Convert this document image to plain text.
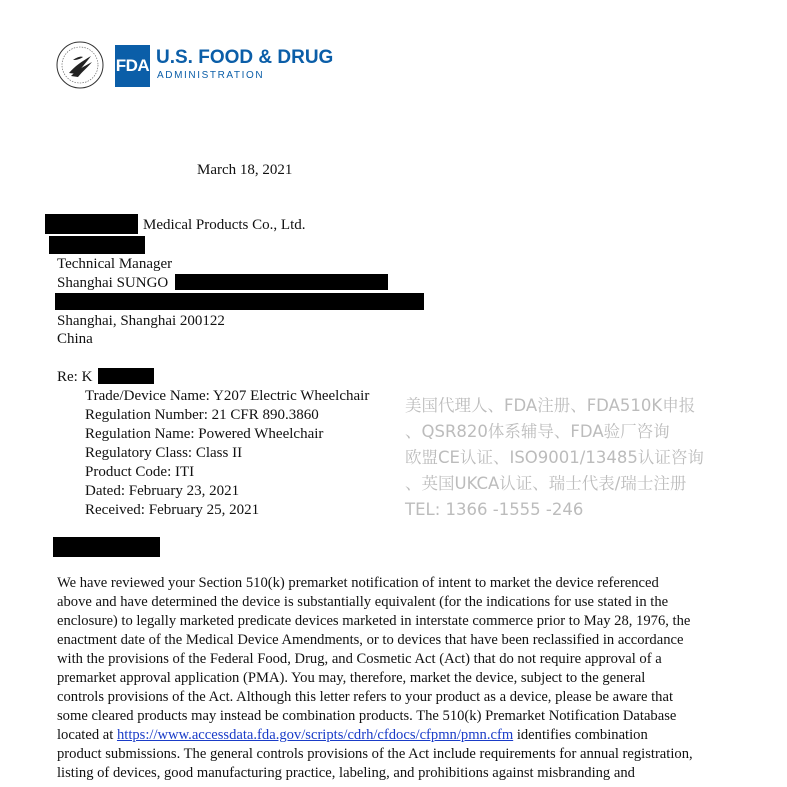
FDA U.S. FOOD & DRUG
ADMINISTRATION
March 18, 2021
Medical Products Co., Ltd.
Technical Manager
Shanghai SUNGO
Shanghai, Shanghai 200122
China
Re: K
Trade/Device Name: Y207 Electric Wheelchair
Regulation Number: 21 CFR 890.3860
Regulation Name: Powered Wheelchair
Regulatory Class: Class II
Product Code: ITI
Dated: February 23, 2021
Received: February 25, 2021
美国代理人、FDA注册、FDA510K申报
、QSR820体系辅导、FDA验厂咨询
欧盟CE认证、ISO9001/13485认证咨询
、英国UKCA认证、瑞士代表/瑞士注册
TEL: 1366 -1555 -246
We have reviewed your Section 510(k) premarket notification of intent to market the device referenced
above and have determined the device is substantially equivalent (for the indications for use stated in the
enclosure) to legally marketed predicate devices marketed in interstate commerce prior to May 28, 1976, the
enactment date of the Medical Device Amendments, or to devices that have been reclassified in accordance
with the provisions of the Federal Food, Drug, and Cosmetic Act (Act) that do not require approval of a
premarket approval application (PMA). You may, therefore, market the device, subject to the general
controls provisions of the Act. Although this letter refers to your product as a device, please be aware that
some cleared products may instead be combination products. The 510(k) Premarket Notification Database
located at https://www.accessdata.fda.gov/scripts/cdrh/cfdocs/cfpmn/pmn.cfm identifies combination
product submissions. The general controls provisions of the Act include requirements for annual registration,
listing of devices, good manufacturing practice, labeling, and prohibitions against misbranding and
